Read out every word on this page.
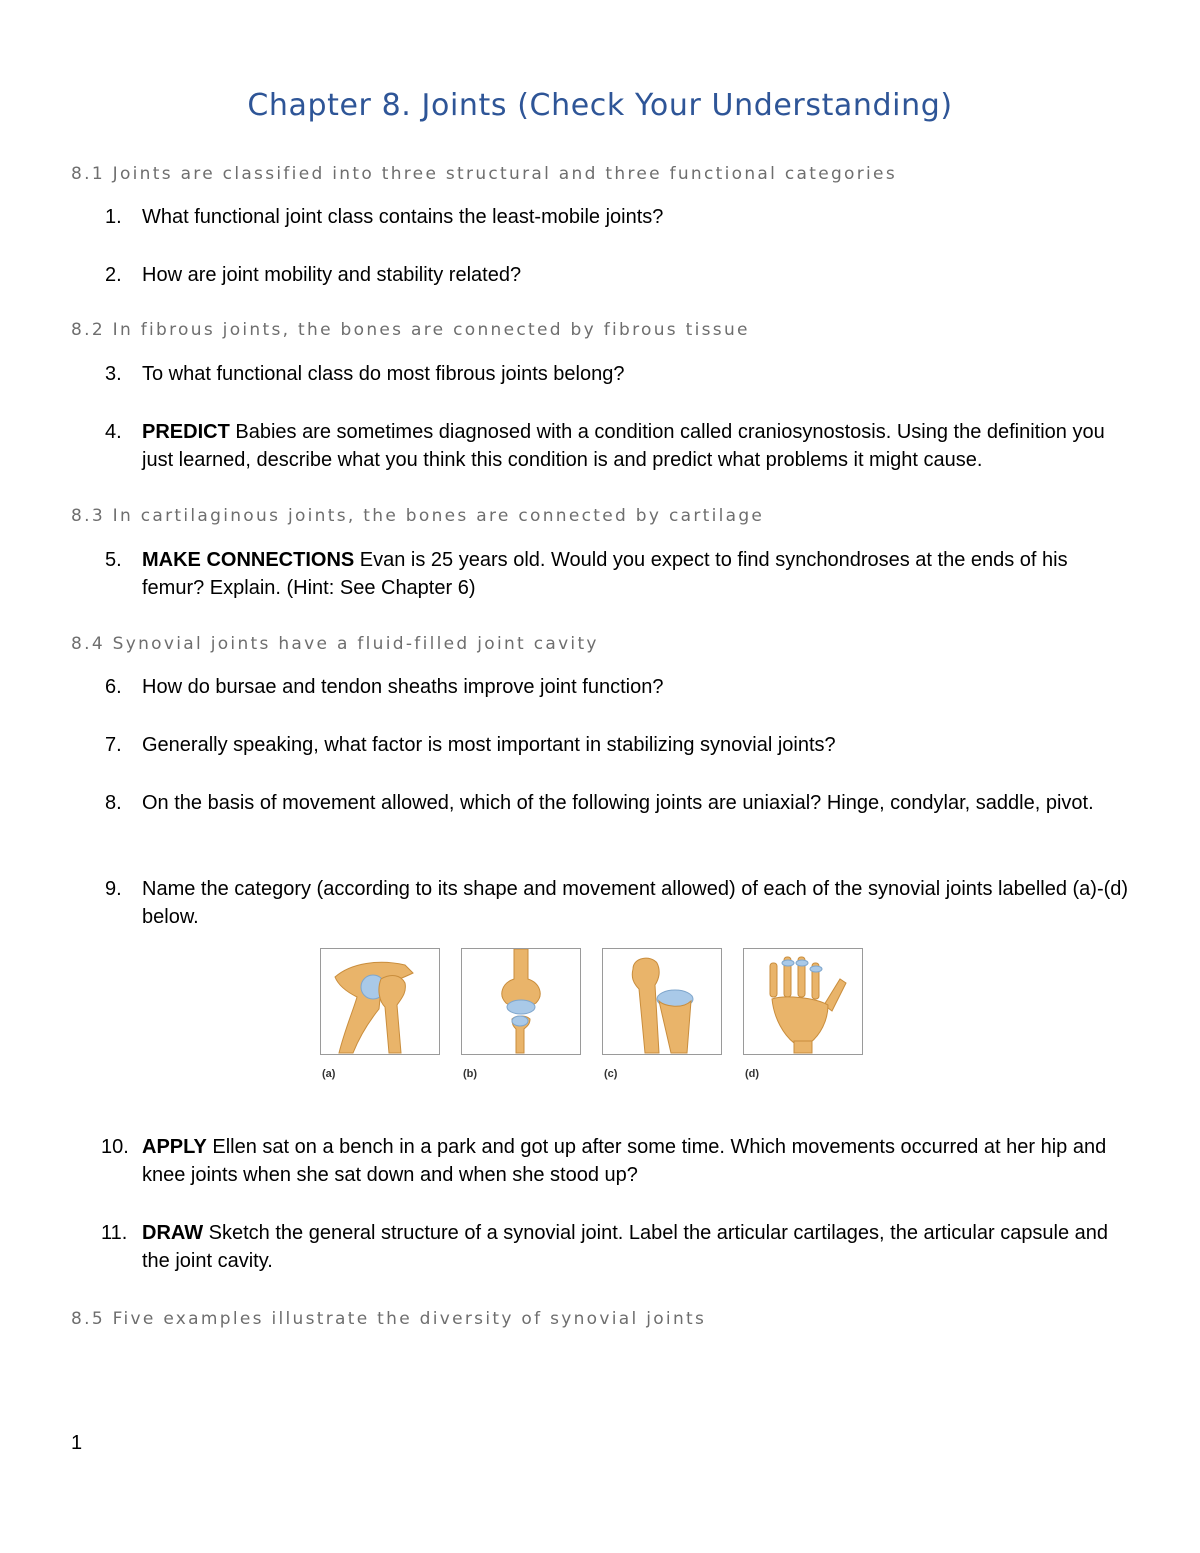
Chapter 8. Joints (Check Your Understanding)
8.1 Joints are classified into three structural and three functional categories
1. What functional joint class contains the least-mobile joints?
2. How are joint mobility and stability related?
8.2 In fibrous joints, the bones are connected by fibrous tissue
3. To what functional class do most fibrous joints belong?
4. PREDICT Babies are sometimes diagnosed with a condition called craniosynostosis. Using the definition you just learned, describe what you think this condition is and predict what problems it might cause.
8.3 In cartilaginous joints, the bones are connected by cartilage
5. MAKE CONNECTIONS Evan is 25 years old. Would you expect to find synchondroses at the ends of his femur? Explain. (Hint: See Chapter 6)
8.4 Synovial joints have a fluid-filled joint cavity
6. How do bursae and tendon sheaths improve joint function?
7. Generally speaking, what factor is most important in stabilizing synovial joints?
8. On the basis of movement allowed, which of the following joints are uniaxial? Hinge, condylar, saddle, pivot.
9. Name the category (according to its shape and movement allowed) of each of the synovial joints labelled (a)-(d) below.
(a)	(b)	(c)	(d)
10. APPLY Ellen sat on a bench in a park and got up after some time. Which movements occurred at her hip and knee joints when she sat down and when she stood up?
11. DRAW Sketch the general structure of a synovial joint. Label the articular cartilages, the articular capsule and the joint cavity.
8.5 Five examples illustrate the diversity of synovial joints
1
